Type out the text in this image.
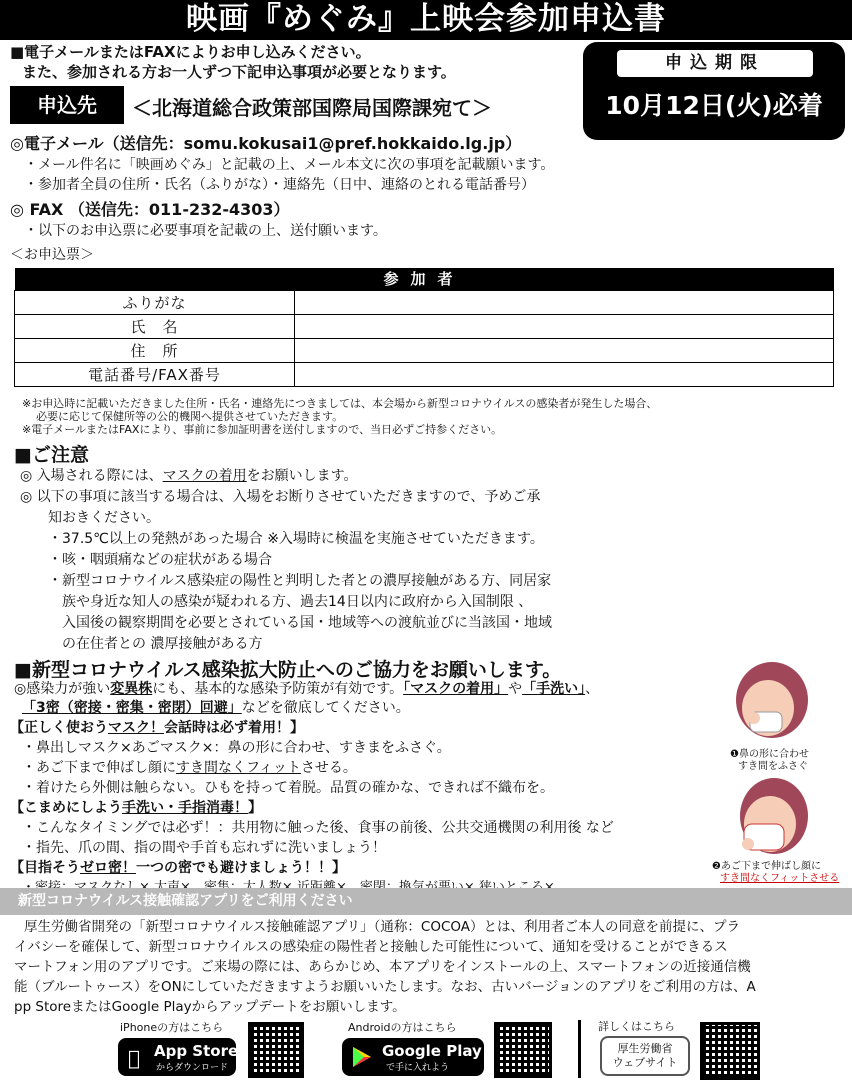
映画『めぐみ』上映会参加申込書
■電子メールまたはFAXによりお申し込みください。
また、参加される方お一人ずつ下記申込事項が必要となります。	申込期限
10月12日(火)必着
申込先	＜北海道総合政策部国際局国際課宛て＞
◎電子メール（送信先：somu.kokusai1@pref.hokkaido.lg.jp）
・メール件名に「映画めぐみ」と記載の上、メール本文に次の事項を記載願います。
・参加者全員の住所・氏名（ふりがな）・連絡先（日中、連絡のとれる電話番号）
◎ FAX （送信先：011-232-4303）
・以下のお申込票に必要事項を記載の上、送付願います。
＜お申込票＞
参加者	
ふりがな	
氏　名	
住　所	
電話番号/FAX番号	
※お申込時に記載いただきました住所・氏名・連絡先につきましては、本会場から新型コロナウイルスの感染者が発生した場合、
必要に応じて保健所等の公的機関へ提供させていただきます。
※電子メールまたはFAXにより、事前に参加証明書を送付しますので、当日必ずご持参ください。
■ご注意
◎ 入場される際には、マスクの着用をお願いします。
◎ 以下の事項に該当する場合は、入場をお断りさせていただきますので、予めご承
知おきください。
・37.5℃以上の発熱があった場合 ※入場時に検温を実施させていただきます。
・咳・咽頭痛などの症状がある場合
・新型コロナウイルス感染症の陽性と判明した者との濃厚接触がある方、同居家
族や身近な知人の感染が疑われる方、過去14日以内に政府から入国制限 、
入国後の観察期間を必要とされている国・地域等への渡航並びに当該国・地域
の在住者との 濃厚接触がある方
■新型コロナウイルス感染拡大防止へのご協力をお願いします。
◎感染力が強い変異株にも、基本的な感染予防策が有効です。「マスクの着用」や「手洗い」、
「3密（密接・密集・密閉）回避」などを徹底してください。
【正しく使おうマスク！会話時は必ず着用！】
・鼻出しマスク×あごマスク×：鼻の形に合わせ、すきまをふさぐ。
・あご下まで伸ばし顔にすき間なくフィットさせる。
・着けたら外側は触らない。ひもを持って着脱。品質の確かな、できれば不織布を。
【こまめにしよう手洗い・手指消毒！】
・こんなタイミングでは必ず！：共用物に触った後、食事の前後、公共交通機関の利用後 など
・指先、爪の間、指の間や手首も忘れずに洗いましょう！
【目指そうゼロ密！一つの密でも避けましょう！！】
❶鼻の形に合わせ
すき間をふさぐ
❷あご下まで伸ばし顔に
すき間なくフィットさせる
新型コロナウイルス接触確認アプリをご利用ください
厚生労働省開発の「新型コロナウイルス接触確認アプリ」（通称：COCOA）とは、利用者ご本人の同意を前提に、プラ
イバシーを確保して、新型コロナウイルスの感染症の陽性者と接触した可能性について、通知を受けることができるス
マートフォン用のアプリです。ご来場の際には、あらかじめ、本アプリをインストールの上、スマートフォンの近接通信機
能（ブルートゥース）をONにしていただきますようお願いいたします。なお、古いバージョンのアプリをご利用の方は、A
pp StoreまたはGoogle Playからアップデートをお願いします。
iPhoneの方はこちら
App Store
からダウンロード
Androidの方はこちら
Google Play
で手に入れよう
詳しくはこちら
厚生労働省
ウェブサイト
